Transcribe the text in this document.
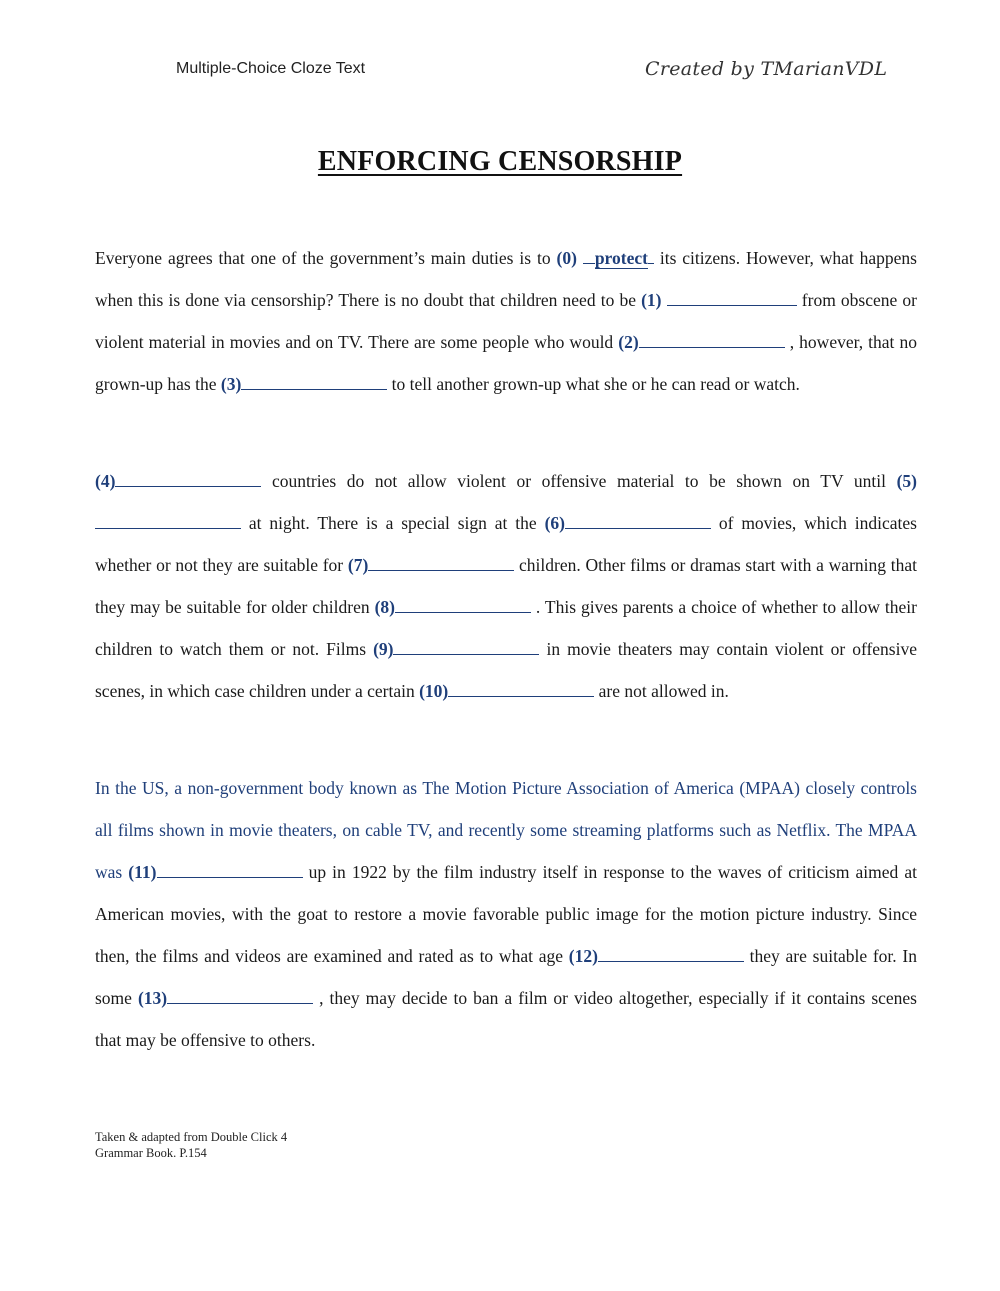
Multiple-Choice Cloze Text	Created by TMarianVDL
ENFORCING CENSORSHIP

Everyone agrees that one of the government’s main duties is to (0) protect its citizens. However, what happens when this is done via censorship? There is no doubt that children need to be (1)	from obscene or violent material in movies and on TV. There are some people who would (2)	, however, that no grown-up has the (3)	to tell another grown-up what she or he can read or watch.

(4)	countries do not allow violent or offensive material to be shown on TV until (5) at night. There is a special sign at the (6)	of movies, which indicates whether or not they are suitable for (7)	children. Other films or dramas start with a warning that they may be suitable for older children (8)	. This gives parents a choice of whether to allow their children to watch them or not. Films (9)	in movie theaters may contain violent or offensive scenes, in which case children under a certain (10)	are not allowed in.

In the US, a non-government body known as The Motion Picture Association of America (MPAA) closely controls all films shown in movie theaters, on cable TV, and recently some streaming platforms such as Netflix. The MPAA was (11)	up in 1922 by the film industry itself in response to the waves of criticism aimed at American movies, with the goat to restore a movie favorable public image for the motion picture industry. Since then, the films and videos are examined and rated as to what age (12)	they are suitable for. In some (13)	, they may decide to ban a film or video altogether, especially if it contains scenes that may be offensive to others.

Taken & adapted from Double Click 4
Grammar Book. P.154
